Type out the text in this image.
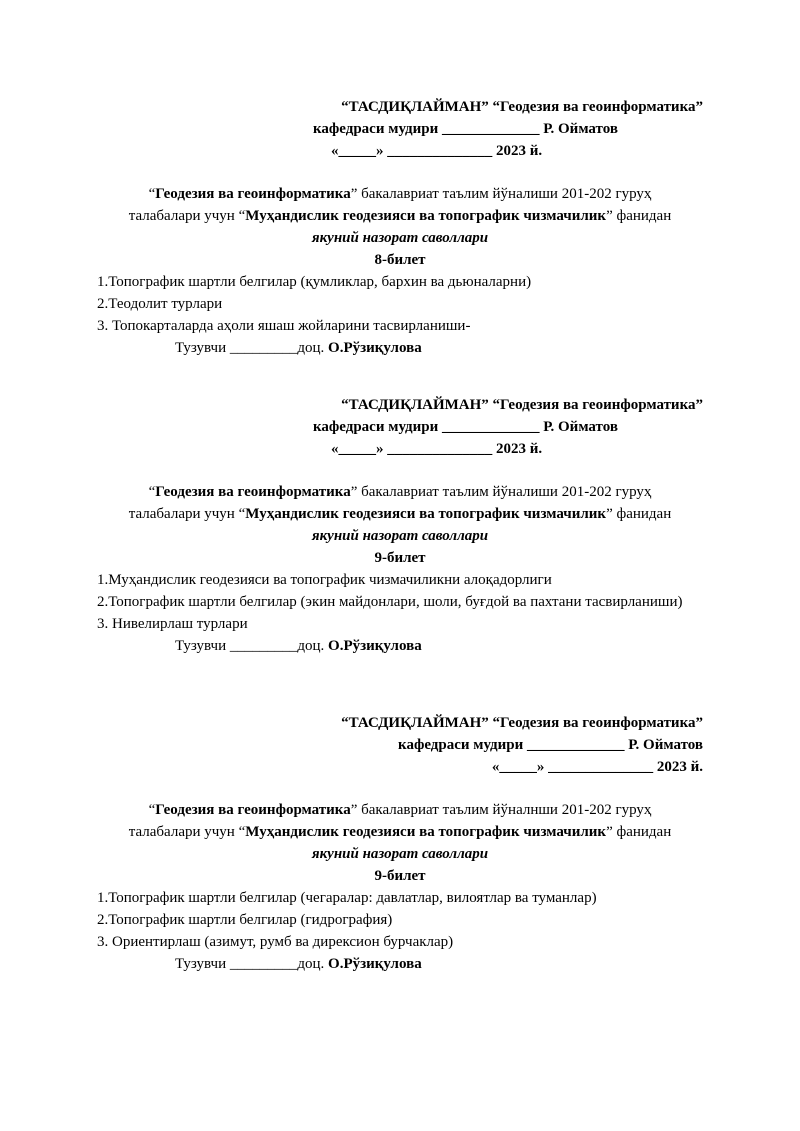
“ТАСДИҚЛАЙМАН” “Геодезия ва геоинформатика”
кафедраси мудири _____________ Р. Ойматов
«_____» ______________ 2023 й.
“Геодезия ва геоинформатика” бакалавриат таълим йўналиши 201-202 гуруҳ
талабалари учун “Муҳандислик геодезияси ва топографик чизмачилик” фанидан
якуний назорат саволлари
8-билет
1.Топографик шартли белгилар (қумликлар, бархин ва дьюналарни)
2.Теодолит турлари
3. Топокарталарда аҳоли яшаш жойларини тасвирланиши-
Тузувчи _________доц. О.Рўзиқулова
“ТАСДИҚЛАЙМАН” “Геодезия ва геоинформатика”
кафедраси мудири _____________ Р. Ойматов
«_____» ______________ 2023 й.
“Геодезия ва геоинформатика” бакалавриат таълим йўналиши 201-202 гуруҳ
талабалари учун “Муҳандислик геодезияси ва топографик чизмачилик” фанидан
якуний назорат саволлари
9-билет
1.Муҳандислик геодезияси ва топографик чизмачиликни алоқадорлиги
2.Топографик шартли белгилар (экин майдонлари, шоли, буғдой ва пахтани тасвирланиши)
3. Нивелирлаш турлари
Тузувчи _________доц. О.Рўзиқулова
“ТАСДИҚЛАЙМАН” “Геодезия ва геоинформатика”
кафедраси мудири _____________ Р. Ойматов
«_____» ______________ 2023 й.
“Геодезия ва геоинформатика” бакалавриат таълим йўналнши 201-202 гуруҳ
талабалари учун “Муҳандислик геодезияси ва топографик чизмачилик” фанидан
якуний назорат саволлари
9-билет
1.Топографик шартли белгилар (чегаралар: давлатлар, вилоятлар ва туманлар)
2.Топографик шартли белгилар (гидрография)
3. Ориентирлаш (азимут, румб ва дирексион бурчаклар)
Тузувчи _________доц. О.Рўзиқулова
